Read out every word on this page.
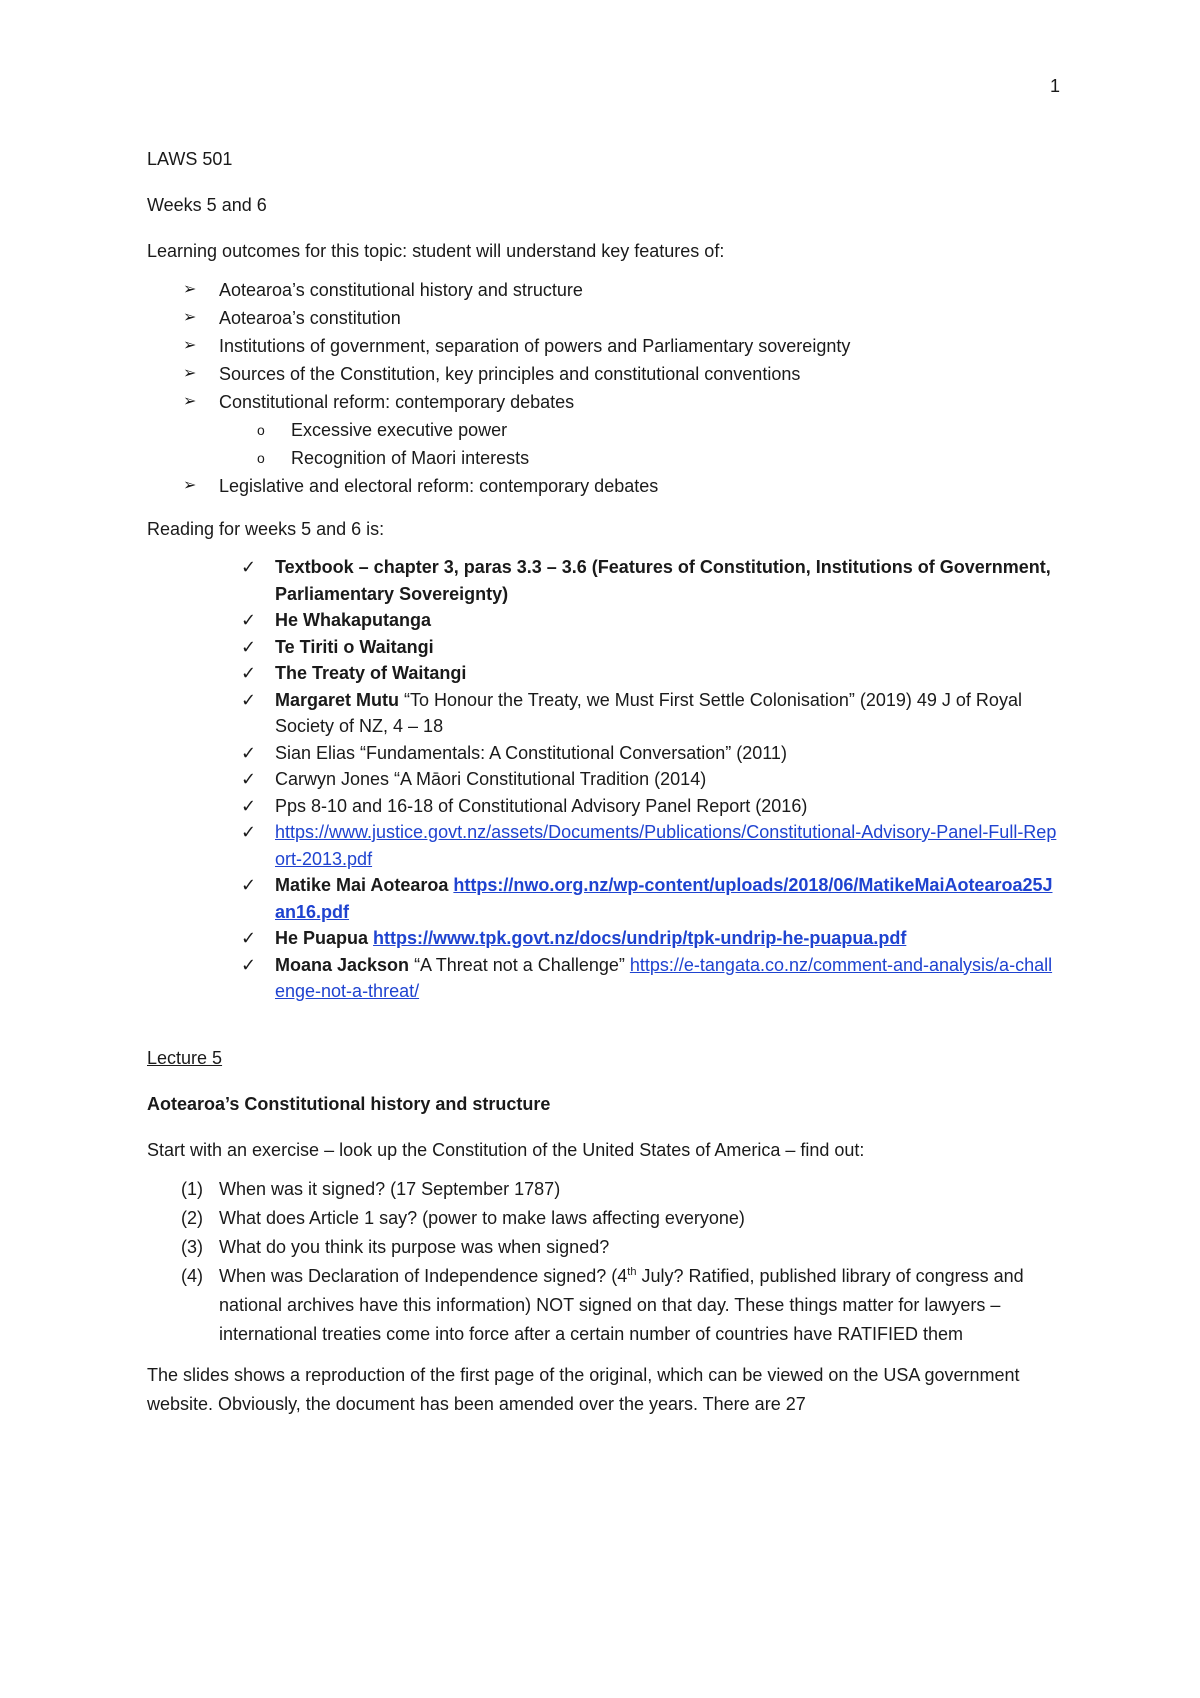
1

LAWS 501

Weeks 5 and 6

Learning outcomes for this topic: student will understand key features of:

➢ Aotearoa’s constitutional history and structure
➢ Aotearoa’s constitution
➢ Institutions of government, separation of powers and Parliamentary sovereignty
➢ Sources of the Constitution, key principles and constitutional conventions
➢ Constitutional reform: contemporary debates
o Excessive executive power
o Recognition of Maori interests
➢ Legislative and electoral reform: contemporary debates

Reading for weeks 5 and 6 is:

✓ Textbook – chapter 3, paras 3.3 – 3.6 (Features of Constitution, Institutions of Government, Parliamentary Sovereignty)
✓ He Whakaputanga
✓ Te Tiriti o Waitangi
✓ The Treaty of Waitangi
✓ Margaret Mutu “To Honour the Treaty, we Must First Settle Colonisation” (2019) 49 J of Royal Society of NZ, 4 – 18
✓ Sian Elias “Fundamentals: A Constitutional Conversation” (2011)
✓ Carwyn Jones “A Māori Constitutional Tradition (2014)
✓ Pps 8-10 and 16-18 of Constitutional Advisory Panel Report (2016)
✓ https://www.justice.govt.nz/assets/Documents/Publications/Constitutional-Advisory-Panel-Full-Report-2013.pdf
✓ Matike Mai Aotearoa https://nwo.org.nz/wp-content/uploads/2018/06/MatikeMaiAotearoa25Jan16.pdf
✓ He Puapua https://www.tpk.govt.nz/docs/undrip/tpk-undrip-he-puapua.pdf
✓ Moana Jackson “A Threat not a Challenge” https://e-tangata.co.nz/comment-and-analysis/a-challenge-not-a-threat/

Lecture 5

Aotearoa’s Constitutional history and structure

Start with an exercise – look up the Constitution of the United States of America – find out:

(1) When was it signed? (17 September 1787)
(2) What does Article 1 say? (power to make laws affecting everyone)
(3) What do you think its purpose was when signed?
(4) When was Declaration of Independence signed? (4th July? Ratified, published library of congress and national archives have this information) NOT signed on that day. These things matter for lawyers – international treaties come into force after a certain number of countries have RATIFIED them

The slides shows a reproduction of the first page of the original, which can be viewed on the USA government website. Obviously, the document has been amended over the years. There are 27
